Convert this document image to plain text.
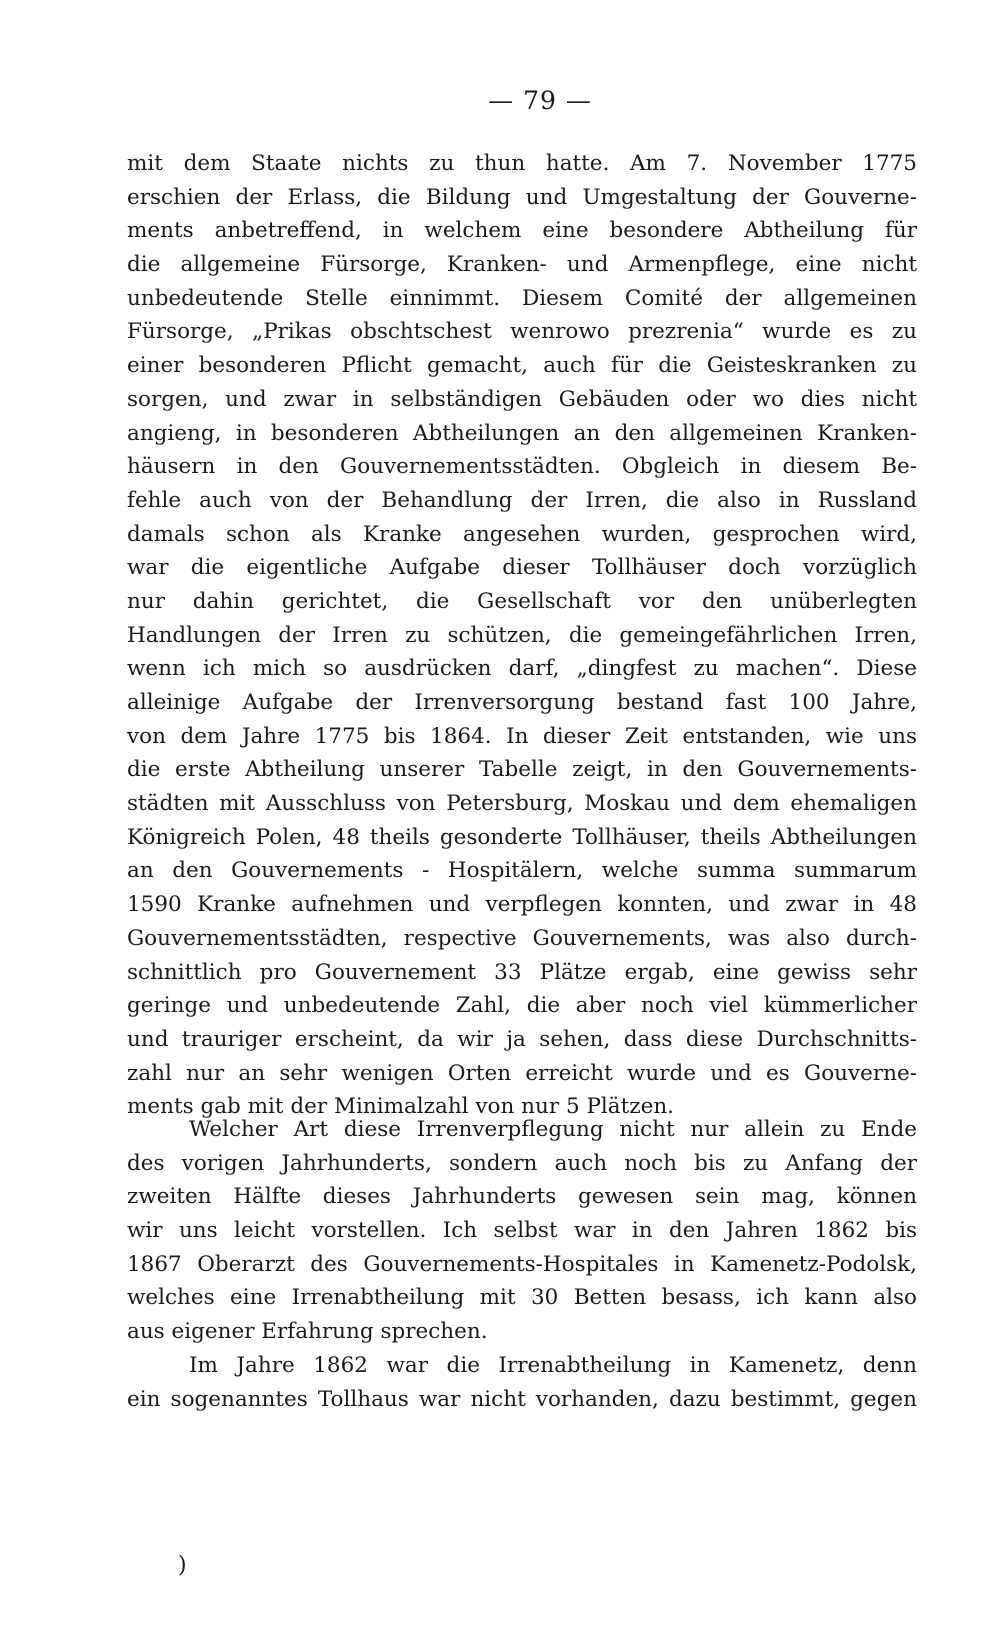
— 79 —
mit dem Staate nichts zu thun hatte. Am 7. November 1775
erschien der Erlass, die Bildung und Umgestaltung der Gouverne-
ments anbetreffend, in welchem eine besondere Abtheilung für
die allgemeine Fürsorge, Kranken- und Armenpflege, eine nicht
unbedeutende Stelle einnimmt. Diesem Comité der allgemeinen
Fürsorge, „Prikas obschtschest wenrowo prezrenia“ wurde es zu
einer besonderen Pflicht gemacht, auch für die Geisteskranken zu
sorgen, und zwar in selbständigen Gebäuden oder wo dies nicht
angieng, in besonderen Abtheilungen an den allgemeinen Kranken-
häusern in den Gouvernementsstädten. Obgleich in diesem Be-
fehle auch von der Behandlung der Irren, die also in Russland
damals schon als Kranke angesehen wurden, gesprochen wird,
war die eigentliche Aufgabe dieser Tollhäuser doch vorzüglich
nur dahin gerichtet, die Gesellschaft vor den unüberlegten
Handlungen der Irren zu schützen, die gemeingefährlichen Irren,
wenn ich mich so ausdrücken darf, „dingfest zu machen“. Diese
alleinige Aufgabe der Irrenversorgung bestand fast 100 Jahre,
von dem Jahre 1775 bis 1864. In dieser Zeit entstanden, wie uns
die erste Abtheilung unserer Tabelle zeigt, in den Gouvernements-
städten mit Ausschluss von Petersburg, Moskau und dem ehemaligen
Königreich Polen, 48 theils gesonderte Tollhäuser, theils Abtheilungen
an den Gouvernements - Hospitälern, welche summa summarum
1590 Kranke aufnehmen und verpflegen konnten, und zwar in 48
Gouvernementsstädten, respective Gouvernements, was also durch-
schnittlich pro Gouvernement 33 Plätze ergab, eine gewiss sehr
geringe und unbedeutende Zahl, die aber noch viel kümmerlicher
und trauriger erscheint, da wir ja sehen, dass diese Durchschnitts-
zahl nur an sehr wenigen Orten erreicht wurde und es Gouverne-
ments gab mit der Minimalzahl von nur 5 Plätzen.
Welcher Art diese Irrenverpflegung nicht nur allein zu Ende
des vorigen Jahrhunderts, sondern auch noch bis zu Anfang der
zweiten Hälfte dieses Jahrhunderts gewesen sein mag, können
wir uns leicht vorstellen. Ich selbst war in den Jahren 1862 bis
1867 Oberarzt des Gouvernements-Hospitales in Kamenetz-Podolsk,
welches eine Irrenabtheilung mit 30 Betten besass, ich kann also
aus eigener Erfahrung sprechen.
Im Jahre 1862 war die Irrenabtheilung in Kamenetz, denn
ein sogenanntes Tollhaus war nicht vorhanden, dazu bestimmt, gegen
)
